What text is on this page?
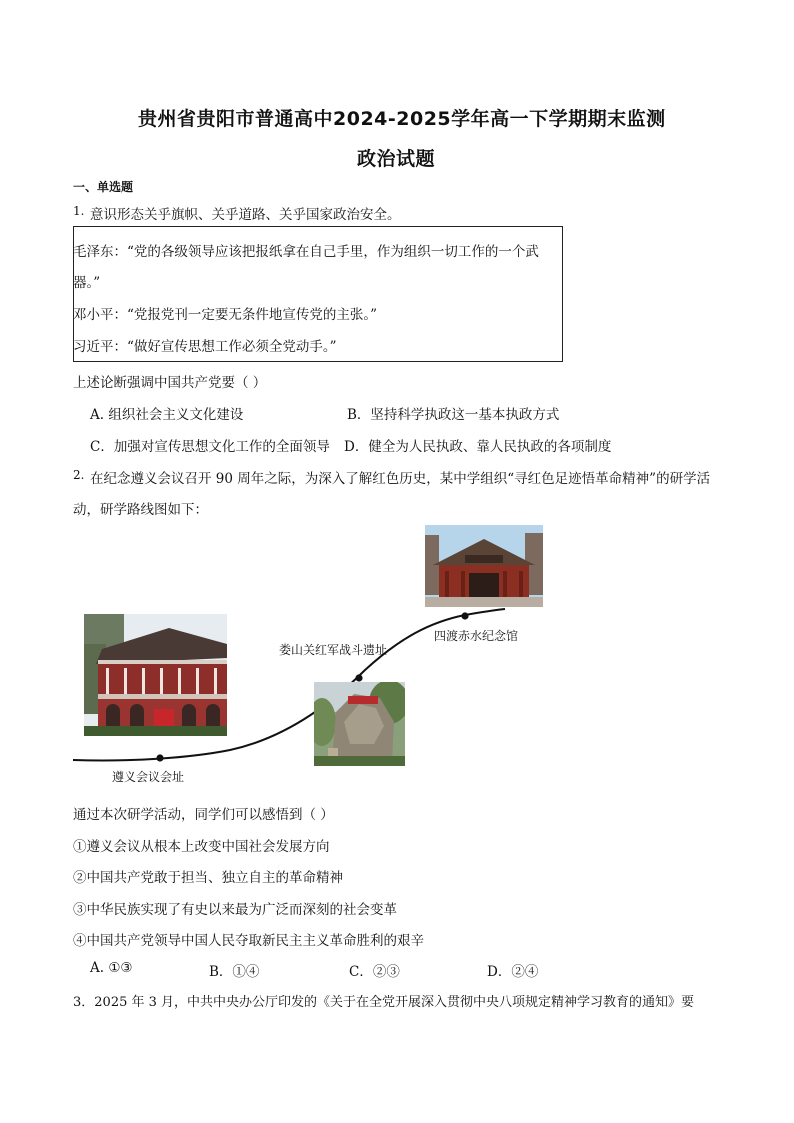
贵州省贵阳市普通高中2024-2025学年高一下学期期末监测
政治试题
一、单选题
1. 意识形态关乎旗帜、关乎道路、关乎国家政治安全。
毛泽东：“党的各级领导应该把报纸拿在自己手里，作为组织一切工作的一个武
器。”
邓小平：“党报党刊一定要无条件地宣传党的主张。”
习近平：“做好宣传思想工作必须全党动手。”
上述论断强调中国共产党要（ ）
A. 组织社会主义文化建设	B．坚持科学执政这一基本执政方式
C．加强对宣传思想文化工作的全面领导 D．健全为人民执政、靠人民执政的各项制度
2. 在纪念遵义会议召开 90 周年之际，为深入了解红色历史，某中学组织“寻红色足迹悟革命精神”的研学活
动，研学路线图如下：
遵义会议会址
娄山关红军战斗遗址
四渡赤水纪念馆
通过本次研学活动，同学们可以感悟到（ ）
①遵义会议从根本上改变中国社会发展方向
②中国共产党敢于担当、独立自主的革命精神
③中华民族实现了有史以来最为广泛而深刻的社会变革
④中国共产党领导中国人民夺取新民主主义革命胜利的艰辛
A. ①③	B．①④	C．②③	D．②④
3．2025 年 3 月，中共中央办公厅印发的《关于在全党开展深入贯彻中央八项规定精神学习教育的通知》要
